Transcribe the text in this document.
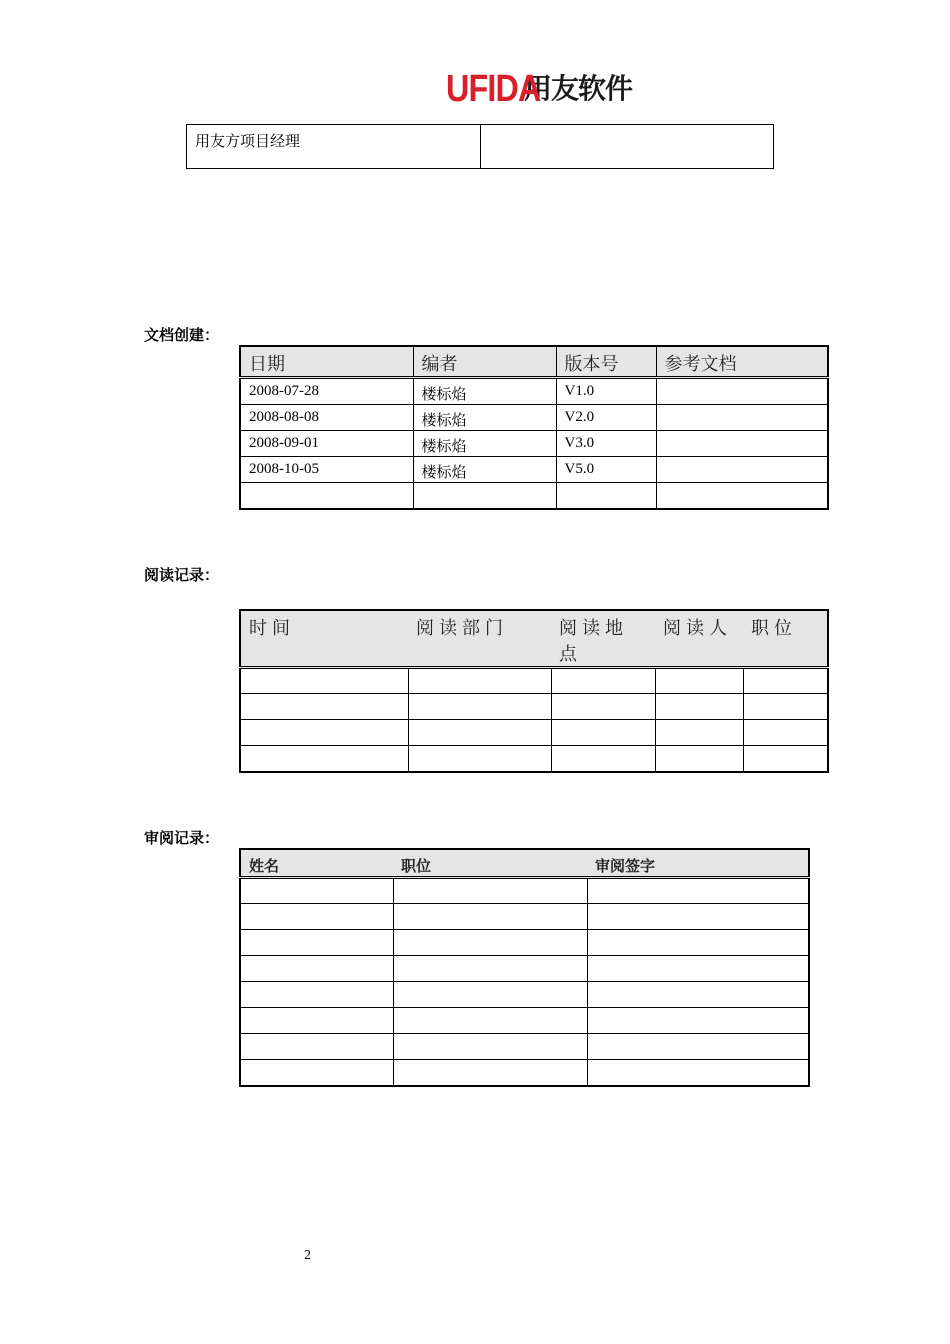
UFIDA
用友软件
用友方项目经理	
文档创建：
日期	编者	版本号	参考文档
2008-07-28	楼标焰	V1.0	
2008-08-08	楼标焰	V2.0	
2008-09-01	楼标焰	V3.0	
2008-10-05	楼标焰	V5.0	

阅读记录：
时间	阅读部门	阅读地点	阅读人	职位

审阅记录：
姓名	职位	审阅签字

2
